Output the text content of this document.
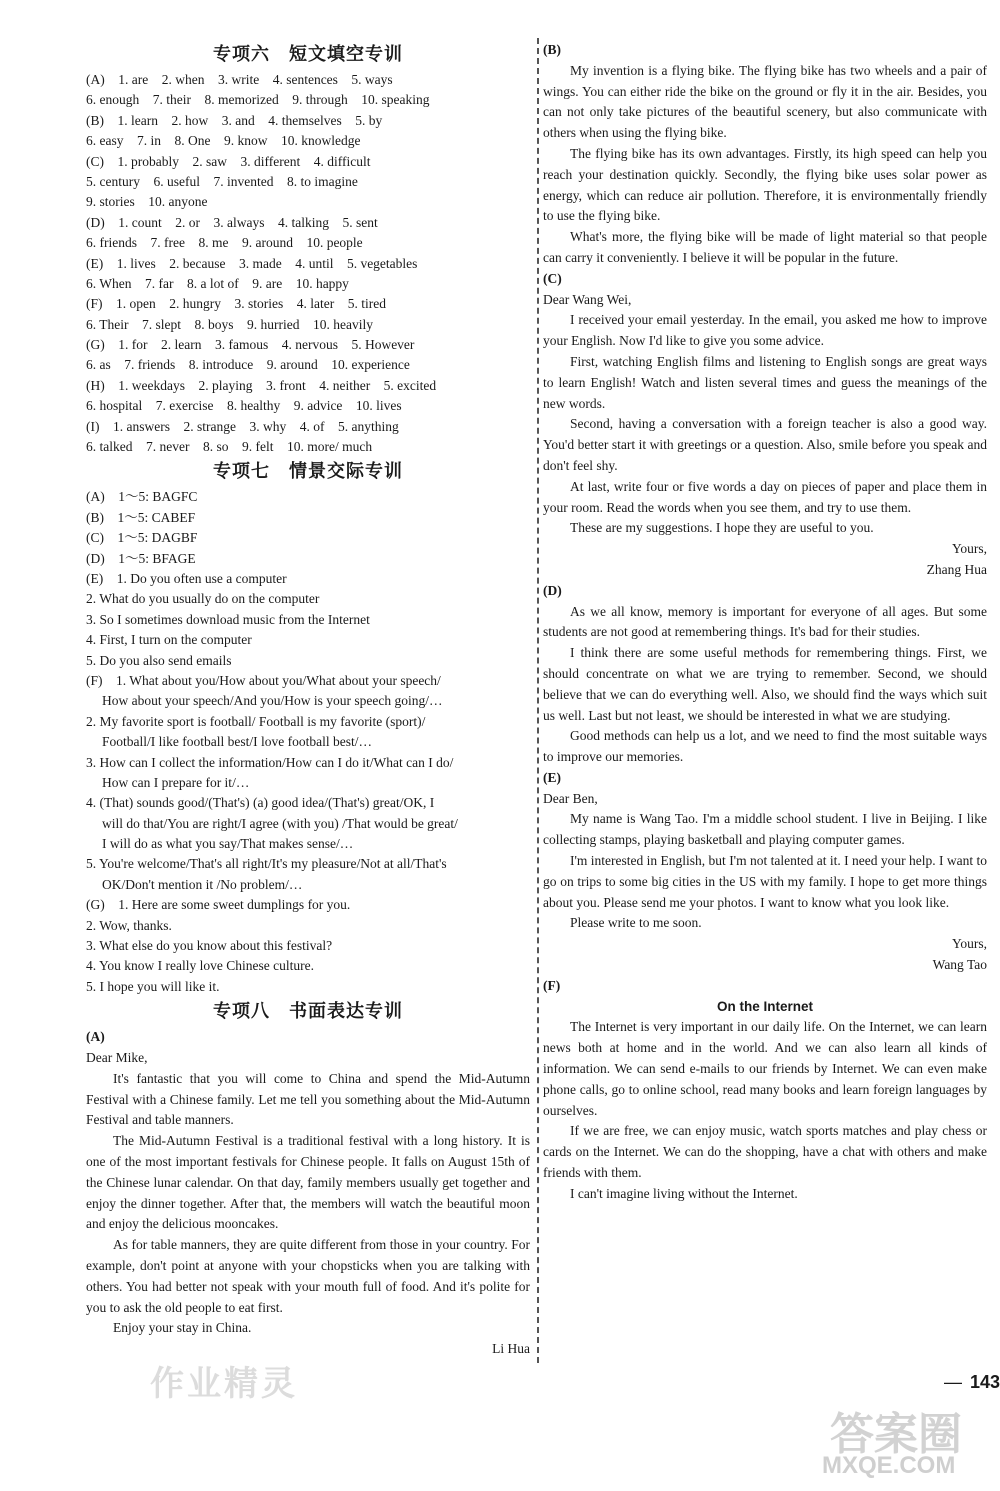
专项六　短文填空专训
(A)　1. are　2. when　3. write　4. sentences　5. ways
6. enough　7. their　8. memorized　9. through　10. speaking
(B)　1. learn　2. how　3. and　4. themselves　5. by
6. easy　7. in　8. One　9. know　10. knowledge
(C)　1. probably　2. saw　3. different　4. difficult
5. century　6. useful　7. invented　8. to imagine
9. stories　10. anyone
(D)　1. count　2. or　3. always　4. talking　5. sent
6. friends　7. free　8. me　9. around　10. people
(E)　1. lives　2. because　3. made　4. until　5. vegetables
6. When　7. far　8. a lot of　9. are　10. happy
(F)　1. open　2. hungry　3. stories　4. later　5. tired
6. Their　7. slept　8. boys　9. hurried　10. heavily
(G)　1. for　2. learn　3. famous　4. nervous　5. However
6. as　7. friends　8. introduce　9. around　10. experience
(H)　1. weekdays　2. playing　3. front　4. neither　5. excited
6. hospital　7. exercise　8. healthy　9. advice　10. lives
(I)　1. answers　2. strange　3. why　4. of　5. anything
6. talked　7. never　8. so　9. felt　10. more/ much
专项七　情景交际专训
(A)　1～5: BAGFC
(B)　1～5: CABEF
(C)　1～5: DAGBF
(D)　1～5: BFAGE
(E)　1. Do you often use a computer
2. What do you usually do on the computer
3. So I sometimes download music from the Internet
4. First, I turn on the computer
5. Do you also send emails
(F)　1. What about you/How about you/What about your speech/
How about your speech/And you/How is your speech going/…
2. My favorite sport is football/ Football is my favorite (sport)/
Football/I like football best/I love football best/…
3. How can I collect the information/How can I do it/What can I do/
How can I prepare for it/…
4. (That) sounds good/(That's) (a) good idea/(That's) great/OK, I
will do that/You are right/I agree (with you) /That would be great/
I will do as what you say/That makes sense/…
5. You're welcome/That's all right/It's my pleasure/Not at all/That's
OK/Don't mention it /No problem/…
(G)　1. Here are some sweet dumplings for you.
2. Wow, thanks.
3. What else do you know about this festival?
4. You know I really love Chinese culture.
5. I hope you will like it.
专项八　书面表达专训

(A)

Dear Mike,

It's fantastic that you will come to China and spend the Mid-Autumn Festival with a Chinese family. Let me tell you something about the Mid-Autumn Festival and table manners.

The Mid-Autumn Festival is a traditional festival with a long history. It is one of the most important festivals for Chinese people. It falls on August 15th of the Chinese lunar calendar. On that day, family members usually get together and enjoy the dinner together. After that, the members will watch the beautiful moon and enjoy the delicious mooncakes.

As for table manners, they are quite different from those in your country. For example, don't point at anyone with your chopsticks when you are talking with others. You had better not speak with your mouth full of food. And it's polite for you to ask the old people to eat first.

Enjoy your stay in China.

Li Hua

(B)

My invention is a flying bike. The flying bike has two wheels and a pair of wings. You can either ride the bike on the ground or fly it in the air. Besides, you can not only take pictures of the beautiful scenery, but also communicate with others when using the flying bike.

The flying bike has its own advantages. Firstly, its high speed can help you reach your destination quickly. Secondly, the flying bike uses solar power as energy, which can reduce air pollution. Therefore, it is environmentally friendly to use the flying bike.

What's more, the flying bike will be made of light material so that people can carry it conveniently. I believe it will be popular in the future.

(C)

Dear Wang Wei,

I received your email yesterday. In the email, you asked me how to improve your English. Now I'd like to give you some advice.

First, watching English films and listening to English songs are great ways to learn English! Watch and listen several times and guess the meanings of the new words.

Second, having a conversation with a foreign teacher is also a good way. You'd better start it with greetings or a question. Also, smile before you speak and don't feel shy.

At last, write four or five words a day on pieces of paper and place them in your room. Read the words when you see them, and try to use them.

These are my suggestions. I hope they are useful to you.

Yours,

Zhang Hua

(D)

As we all know, memory is important for everyone of all ages. But some students are not good at remembering things. It's bad for their studies.

I think there are some useful methods for remembering things. First, we should concentrate on what we are trying to remember. Second, we should believe that we can do everything well. Also, we should find the ways which suit us well. Last but not least, we should be interested in what we are studying.

Good methods can help us a lot, and we need to find the most suitable ways to improve our memories.

(E)

Dear Ben,

My name is Wang Tao. I'm a middle school student. I live in Beijing. I like collecting stamps, playing basketball and playing computer games.

I'm interested in English, but I'm not talented at it. I need your help. I want to go on trips to some big cities in the US with my family. I hope to get more things about you. Please send me your photos. I want to know what you look like.

Please write to me soon.

Yours,

Wang Tao

(F)

On the Internet

The Internet is very important in our daily life. On the Internet, we can learn news both at home and in the world. And we can also learn all kinds of information. We can send e-mails to our friends by Internet. We can even make phone calls, go to online school, read many books and learn foreign languages by ourselves.

If we are free, we can enjoy music, watch sports matches and play chess or cards on the Internet. We can do the shopping, have a chat with others and make friends with them.

I can't imagine living without the Internet.

— 143
作业精灵
答案圈
MXQE.COM
